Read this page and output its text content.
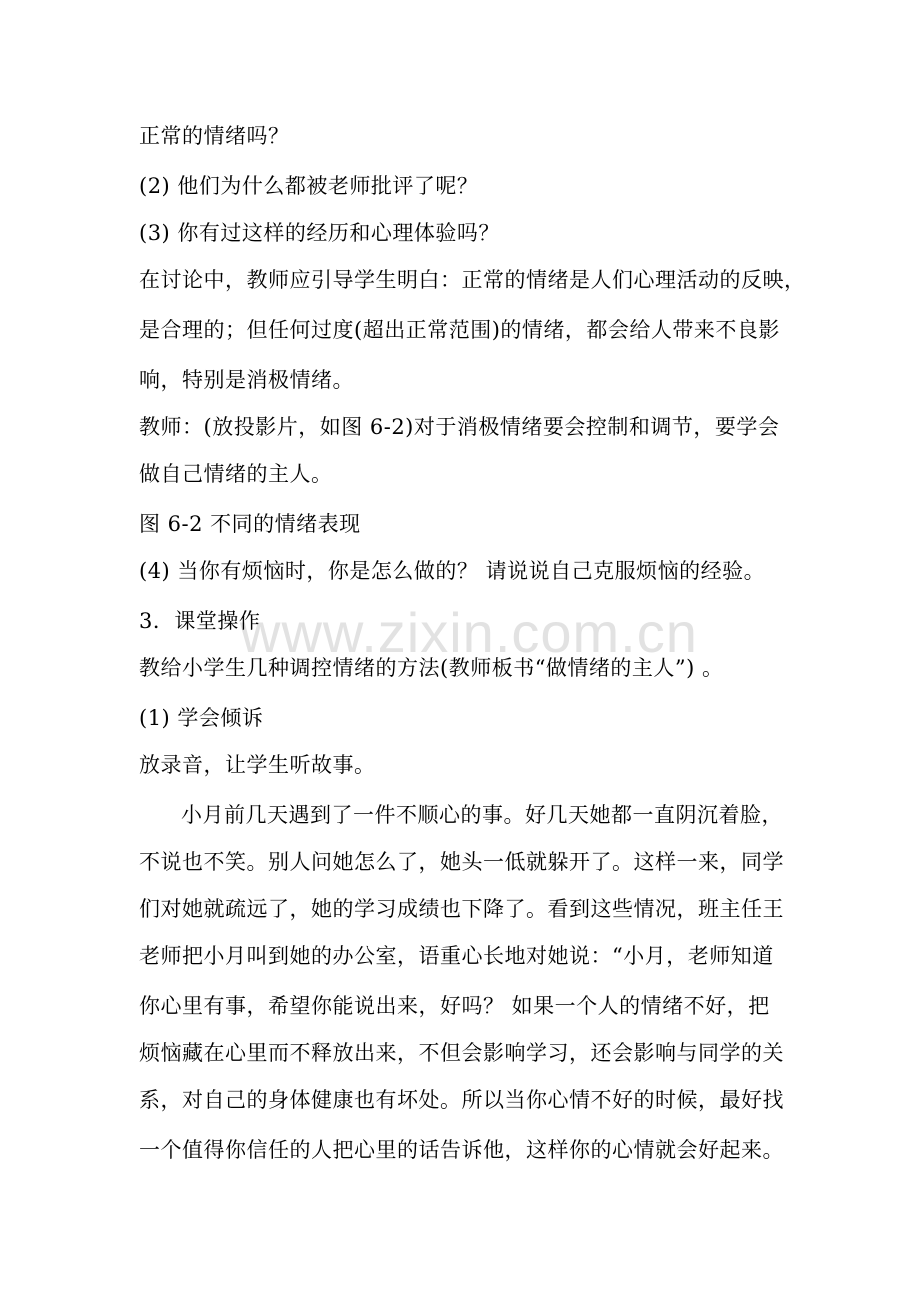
www.zixin.com.cn
正常的情绪吗？
(2) 他们为什么都被老师批评了呢？
(3) 你有过这样的经历和心理体验吗？
在讨论中，教师应引导学生明白：正常的情绪是人们心理活动的反映，
是合理的；但任何过度(超出正常范围)的情绪，都会给人带来不良影
响，特别是消极情绪。
教师：(放投影片，如图 6-2)对于消极情绪要会控制和调节，要学会
做自己情绪的主人。
图 6-2 不同的情绪表现
(4) 当你有烦恼时，你是怎么做的？ 请说说自己克服烦恼的经验。
3．课堂操作
教给小学生几种调控情绪的方法(教师板书“做情绪的主人”) 。
(1) 学会倾诉
放录音，让学生听故事。
小月前几天遇到了一件不顺心的事。好几天她都一直阴沉着脸，
不说也不笑。别人问她怎么了，她头一低就躲开了。这样一来，同学
们对她就疏远了，她的学习成绩也下降了。看到这些情况，班主任王
老师把小月叫到她的办公室，语重心长地对她说：“小月，老师知道
你心里有事，希望你能说出来，好吗？ 如果一个人的情绪不好，把
烦恼藏在心里而不释放出来，不但会影响学习，还会影响与同学的关
系，对自己的身体健康也有坏处。所以当你心情不好的时候，最好找
一个值得你信任的人把心里的话告诉他，这样你的心情就会好起来。
